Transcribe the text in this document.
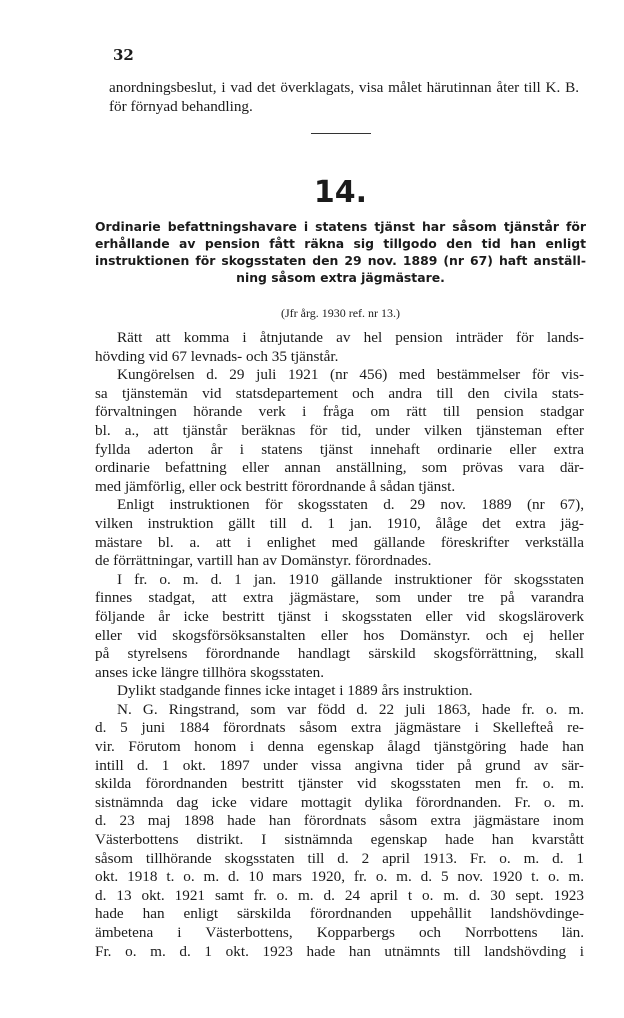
32

anordningsbeslut, i vad det överklagats, visa målet härutinnan åter till K. B. för förnyad behandling.

14.

Ordinarie befattningshavare i statens tjänst har såsom tjänstår för
erhållande av pension fått räkna sig tillgodo den tid han enligt
instruktionen för skogsstaten den 29 nov. 1889 (nr 67) haft anställ-
ning såsom extra jägmästare.

(Jfr årg. 1930 ref. nr 13.)
Rätt att komma i åtnjutande av hel pension inträder för lands-
hövding vid 67 levnads- och 35 tjänstår.
Kungörelsen d. 29 juli 1921 (nr 456) med bestämmelser för vis-
sa tjänstemän vid statsdepartement och andra till den civila stats-
förvaltningen hörande verk i fråga om rätt till pension stadgar
bl. a., att tjänstår beräknas för tid, under vilken tjänsteman efter
fyllda aderton år i statens tjänst innehaft ordinarie eller extra
ordinarie befattning eller annan anställning, som prövas vara där-
med jämförlig, eller ock bestritt förordnande å sådan tjänst.
Enligt instruktionen för skogsstaten d. 29 nov. 1889 (nr 67),
vilken instruktion gällt till d. 1 jan. 1910, ålåge det extra jäg-
mästare bl. a. att i enlighet med gällande föreskrifter verkställa
de förrättningar, vartill han av Domänstyr. förordnades.
I fr. o. m. d. 1 jan. 1910 gällande instruktioner för skogsstaten
finnes stadgat, att extra jägmästare, som under tre på varandra
följande år icke bestritt tjänst i skogsstaten eller vid skogsläroverk
eller vid skogsförsöksanstalten eller hos Domänstyr. och ej heller
på styrelsens förordnande handlagt särskild skogsförrättning, skall
anses icke längre tillhöra skogsstaten.
Dylikt stadgande finnes icke intaget i 1889 års instruktion.
N. G. Ringstrand, som var född d. 22 juli 1863, hade fr. o. m.
d. 5 juni 1884 förordnats såsom extra jägmästare i Skellefteå re-
vir. Förutom honom i denna egenskap ålagd tjänstgöring hade han
intill d. 1 okt. 1897 under vissa angivna tider på grund av sär-
skilda förordnanden bestritt tjänster vid skogsstaten men fr. o. m.
sistnämnda dag icke vidare mottagit dylika förordnanden. Fr. o. m.
d. 23 maj 1898 hade han förordnats såsom extra jägmästare inom
Västerbottens distrikt. I sistnämnda egenskap hade han kvarstått
såsom tillhörande skogsstaten till d. 2 april 1913. Fr. o. m. d. 1
okt. 1918 t. o. m. d. 10 mars 1920, fr. o. m. d. 5 nov. 1920 t. o. m.
d. 13 okt. 1921 samt fr. o. m. d. 24 april t o. m. d. 30 sept. 1923
hade han enligt särskilda förordnanden uppehållit landshövdinge-
ämbetena i Västerbottens, Kopparbergs och Norrbottens län.
Fr. o. m. d. 1 okt. 1923 hade han utnämnts till landshövding i
